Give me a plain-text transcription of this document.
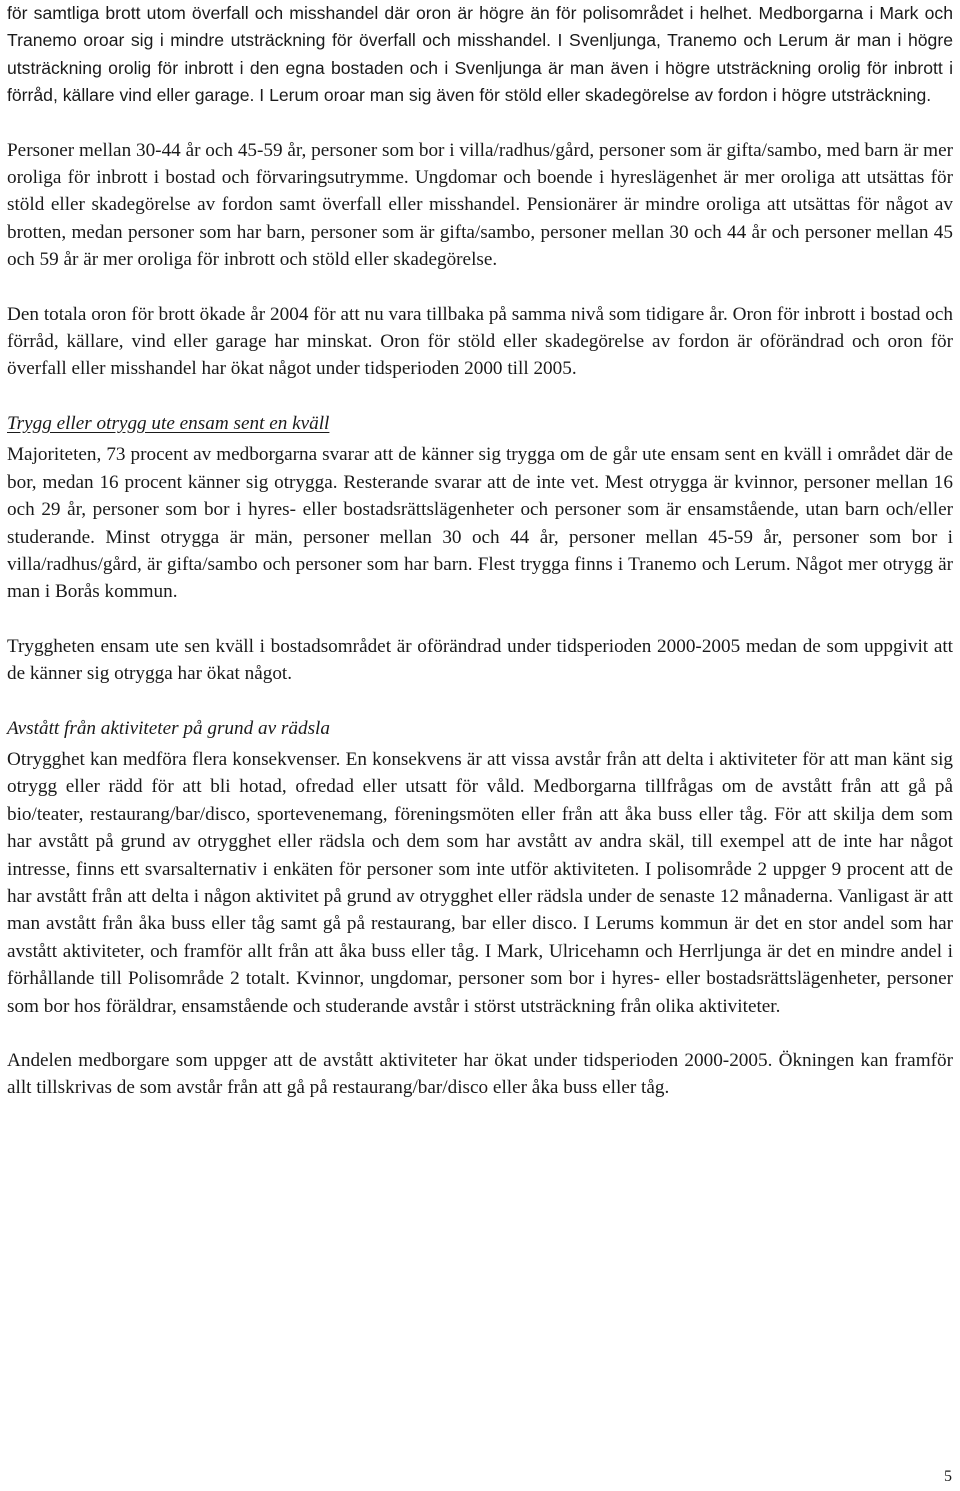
för samtliga brott utom överfall och misshandel där oron är högre än för polisområdet i helhet. Medborgarna i Mark och Tranemo oroar sig i mindre utsträckning för överfall och misshandel. I Svenljunga, Tranemo och Lerum är man i högre utsträckning orolig för inbrott i den egna bostaden och i Svenljunga är man även i högre utsträckning orolig för inbrott i förråd, källare vind eller garage. I Lerum oroar man sig även för stöld eller skadegörelse av fordon i högre utsträckning.

Personer mellan 30-44 år och 45-59 år, personer som bor i villa/radhus/gård, personer som är gifta/sambo, med barn är mer oroliga för inbrott i bostad och förvaringsutrymme. Ungdomar och boende i hyreslägenhet är mer oroliga att utsättas för stöld eller skadegörelse av fordon samt överfall eller misshandel. Pensionärer är mindre oroliga att utsättas för något av brotten, medan personer som har barn, personer som är gifta/sambo, personer mellan 30 och 44 år och personer mellan 45 och 59 år är mer oroliga för inbrott och stöld eller skadegörelse.

Den totala oron för brott ökade år 2004 för att nu vara tillbaka på samma nivå som tidigare år. Oron för inbrott i bostad och förråd, källare, vind eller garage har minskat. Oron för stöld eller skadegörelse av fordon är oförändrad och oron för överfall eller misshandel har ökat något under tidsperioden 2000 till 2005.

Trygg eller otrygg ute ensam sent en kväll

Majoriteten, 73 procent av medborgarna svarar att de känner sig trygga om de går ute ensam sent en kväll i området där de bor, medan 16 procent känner sig otrygga. Resterande svarar att de inte vet. Mest otrygga är kvinnor, personer mellan 16 och 29 år, personer som bor i hyres- eller bostadsrättslägenheter och personer som är ensamstående, utan barn och/eller studerande. Minst otrygga är män, personer mellan 30 och 44 år, personer mellan 45-59 år, personer som bor i villa/radhus/gård, är gifta/sambo och personer som har barn. Flest trygga finns i Tranemo och Lerum. Något mer otrygg är man i Borås kommun.

Tryggheten ensam ute sen kväll i bostadsområdet är oförändrad under tidsperioden 2000-2005 medan de som uppgivit att de känner sig otrygga har ökat något.

Avstått från aktiviteter på grund av rädsla

Otrygghet kan medföra flera konsekvenser. En konsekvens är att vissa avstår från att delta i aktiviteter för att man känt sig otrygg eller rädd för att bli hotad, ofredad eller utsatt för våld. Medborgarna tillfrågas om de avstått från att gå på bio/teater, restaurang/bar/disco, sportevenemang, föreningsmöten eller från att åka buss eller tåg. För att skilja dem som har avstått på grund av otrygghet eller rädsla och dem som har avstått av andra skäl, till exempel att de inte har något intresse, finns ett svarsalternativ i enkäten för personer som inte utför aktiviteten. I polisområde 2 uppger 9 procent att de har avstått från att delta i någon aktivitet på grund av otrygghet eller rädsla under de senaste 12 månaderna. Vanligast är att man avstått från åka buss eller tåg samt gå på restaurang, bar eller disco. I Lerums kommun är det en stor andel som har avstått aktiviteter, och framför allt från att åka buss eller tåg. I Mark, Ulricehamn och Herrljunga är det en mindre andel i förhållande till Polisområde 2 totalt. Kvinnor, ungdomar, personer som bor i hyres- eller bostadsrättslägenheter, personer som bor hos föräldrar, ensamstående och studerande avstår i störst utsträckning från olika aktiviteter.

Andelen medborgare som uppger att de avstått aktiviteter har ökat under tidsperioden 2000-2005. Ökningen kan framför allt tillskrivas de som avstår från att gå på restaurang/bar/disco eller åka buss eller tåg.

5
